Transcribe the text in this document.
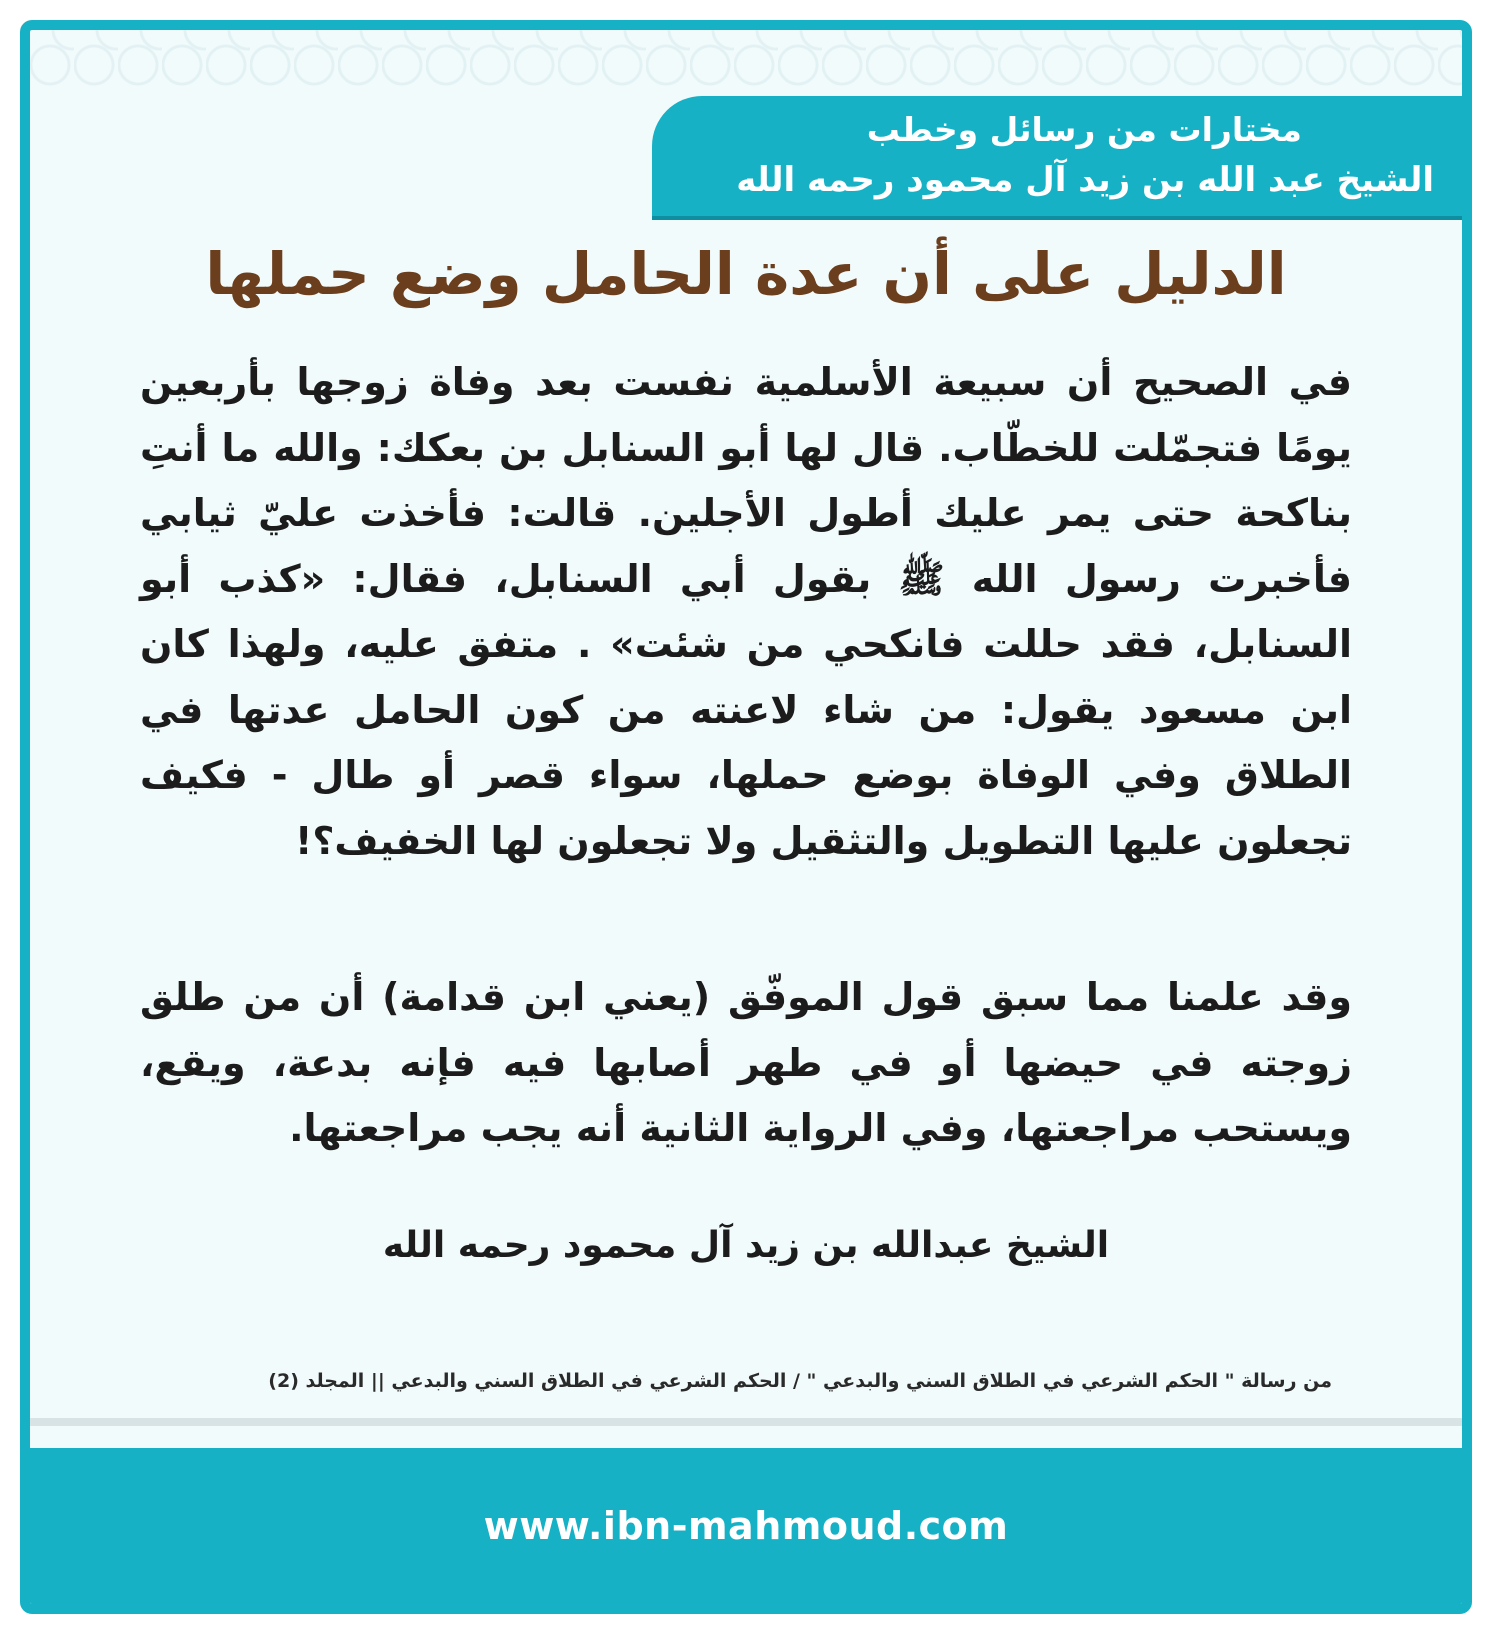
مختارات من رسائل وخطب
الشيخ عبد الله بن زيد آل محمود رحمه الله
الدليل على أن عدة الحامل وضع حملها
في الصحيح أن سبيعة الأسلمية نفست بعد وفاة زوجها بأربعين يومًا فتجمّلت للخطّاب. قال لها أبو السنابل بن بعكك: والله ما أنتِ بناكحة حتى يمر عليك أطول الأجلين. قالت: فأخذت عليّ ثيابي فأخبرت رسول الله ﷺ بقول أبي السنابل، فقال: «كذب أبو السنابل، فقد حللت فانكحي من شئت» . متفق عليه، ولهذا كان ابن مسعود يقول: من شاء لاعنته من كون الحامل عدتها في الطلاق وفي الوفاة بوضع حملها، سواء قصر أو طال - فكيف تجعلون عليها التطويل والتثقيل ولا تجعلون لها الخفيف؟!
وقد علمنا مما سبق قول الموفّق (يعني ابن قدامة) أن من طلق زوجته في حيضها أو في طهر أصابها فيه فإنه بدعة، ويقع، ويستحب مراجعتها، وفي الرواية الثانية أنه يجب مراجعتها.
الشيخ عبدالله بن زيد آل محمود رحمه الله
من رسالة " الحكم الشرعي في الطلاق السني والبدعي " / الحكم الشرعي في الطلاق السني والبدعي || المجلد (2)
www.ibn-mahmoud.com
